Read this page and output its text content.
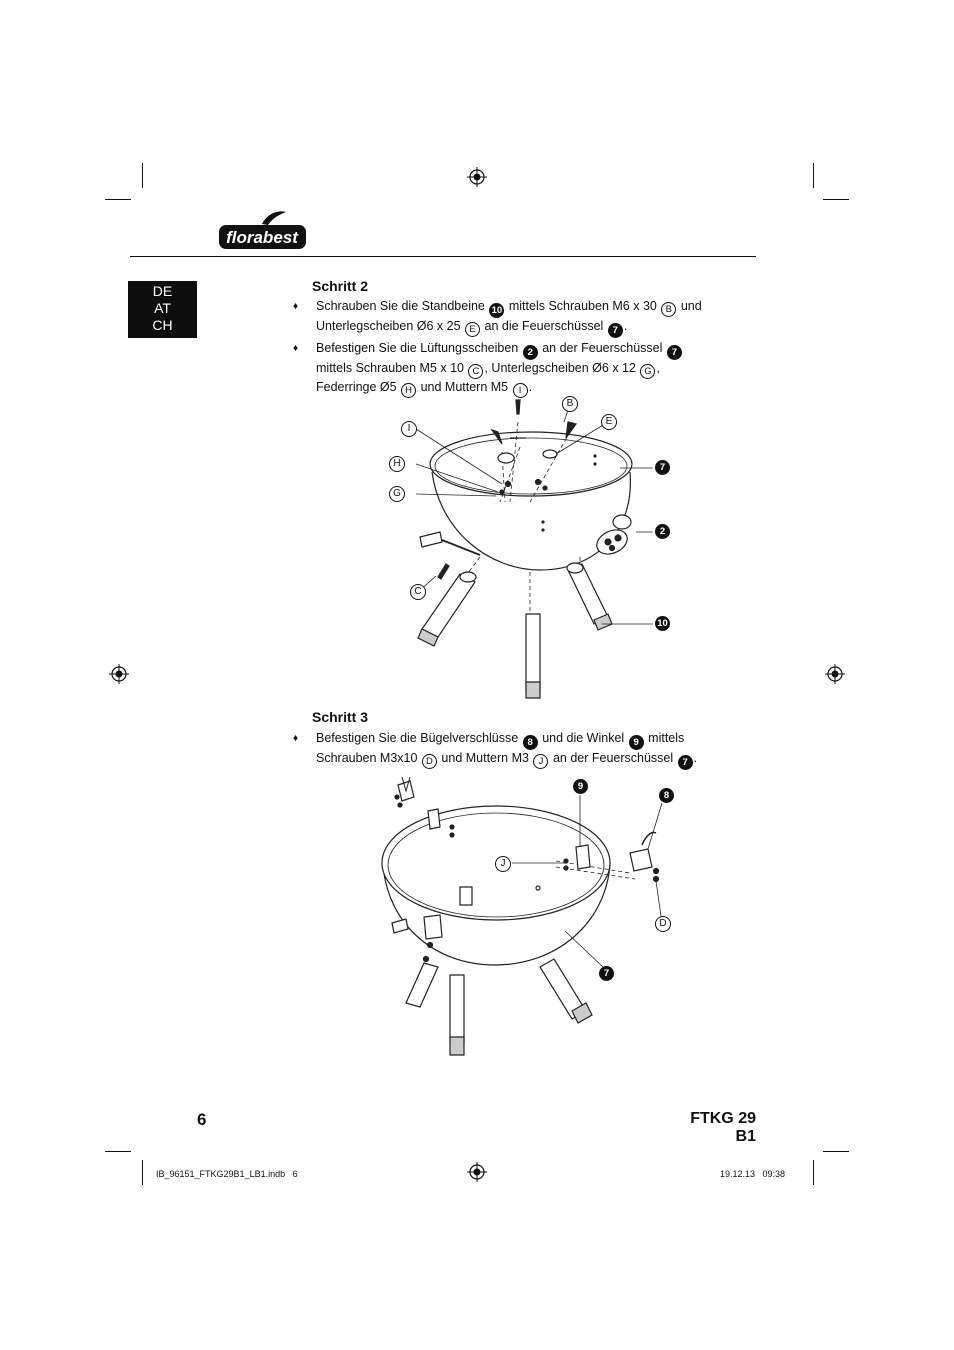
florabest
DE
AT
CH
Schritt 2
♦ Schrauben Sie die Standbeine 10 mittels Schrauben M6 x 30 B und Unterlegscheiben Ø6 x 25 E an die Feuerschüssel 7 .
♦ Befestigen Sie die Lüftungsscheiben 2 an der Feuerschüssel 7 mittels Schrauben M5 x 10 C , Unterlegscheiben Ø6 x 12 G , Federringe Ø5 H und Muttern M5 I .
B
E
I
H
G
C
7
2
10
Schritt 3
♦ Befestigen Sie die Bügelverschlüsse 8 und die Winkel 9 mittels Schrauben M3x10 D und Muttern M3 J an der Feuerschüssel 7 .
9
8
J
D
7
6	FTKG 29 B1
IB_96151_FTKG29B1_LB1.indb   6	19.12.13   09:38
